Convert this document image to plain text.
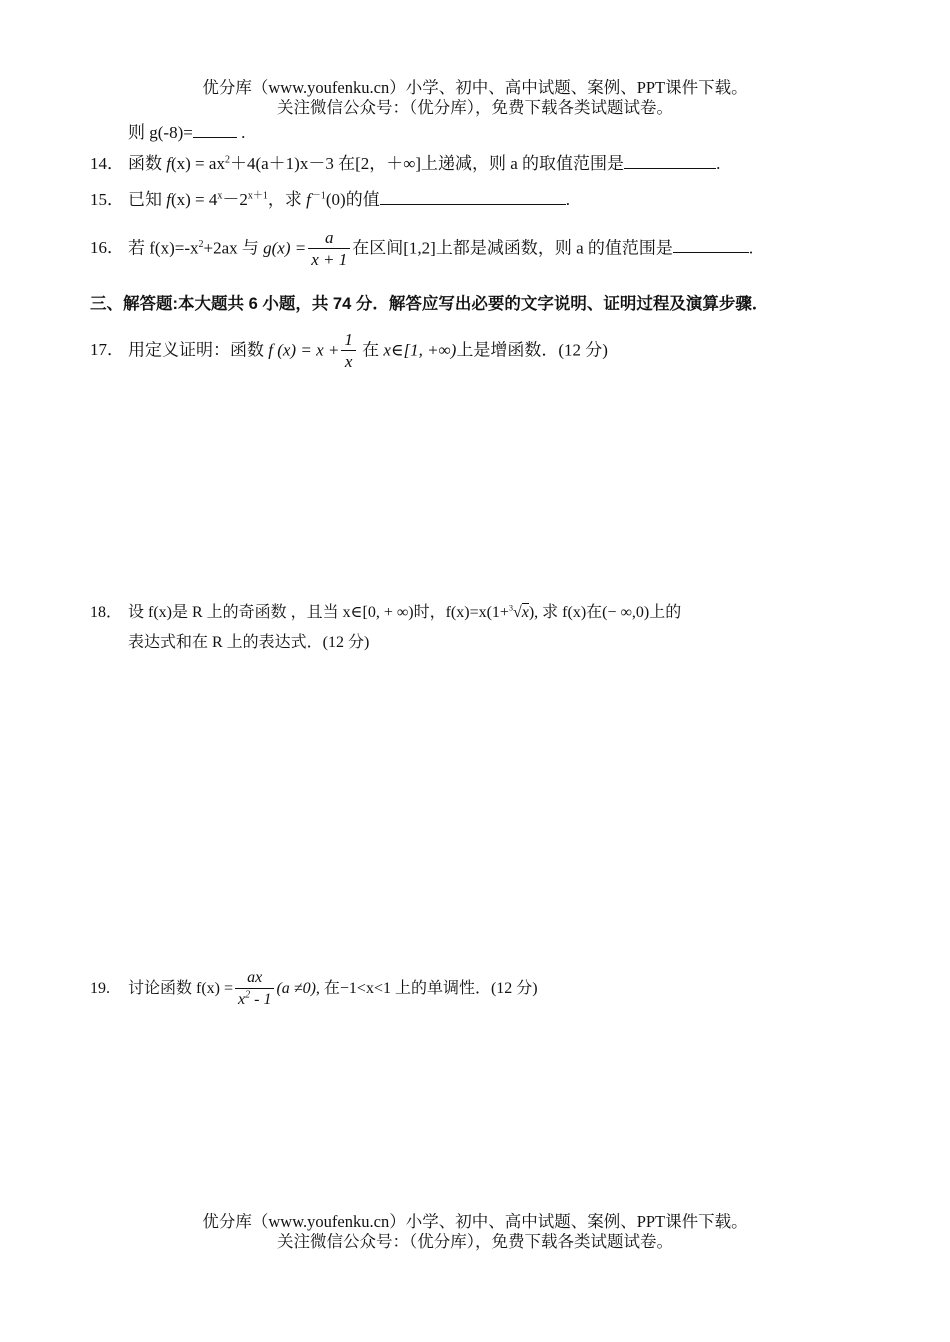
优分库（www.youfenku.cn）小学、初中、高中试题、案例、PPT课件下载。
关注微信公众号：（优分库），免费下载各类试题试卷。
则 g(-8)=	.
14． 函数 $f(x) = ax^2+4(a+1)x-3$ 在[2，＋∞]上递减，则 a 的取值范围是	.
15． 已知 $f(x) = 4^x-2^{x+1}$，求 $f^{-1}(0)$的值	.
16． 若 $f(x)=-x^2+2ax$ 与 $g(x) = \frac{a}{x + 1}$ 在区间[1,2]上都是减函数，则 a 的值范围是	.
三、解答题:本大题共 6 小题，共 74 分．解答应写出必要的文字说明、证明过程及演算步骤．
17． 用定义证明：函数 f $(x) = x + \frac{1}{x}$ 在 x∈[1, +∞)上是增函数．(12 分)
18． 设 f(x)是 R 上的奇函数 ，且当 x∈[0, + ∞)时，f(x)=x(1+$^3$√x), 求 f(x)在(− ∞,0)上的
表达式和在 R 上的表达式．(12 分)
19. 讨论函数 $f(x) = \frac{ax}{x^2 - 1} (a \ne 0)$, 在−1<x<1 上的单调性．(12 分)
优分库（www.youfenku.cn）小学、初中、高中试题、案例、PPT课件下载。
关注微信公众号：（优分库），免费下载各类试题试卷。
